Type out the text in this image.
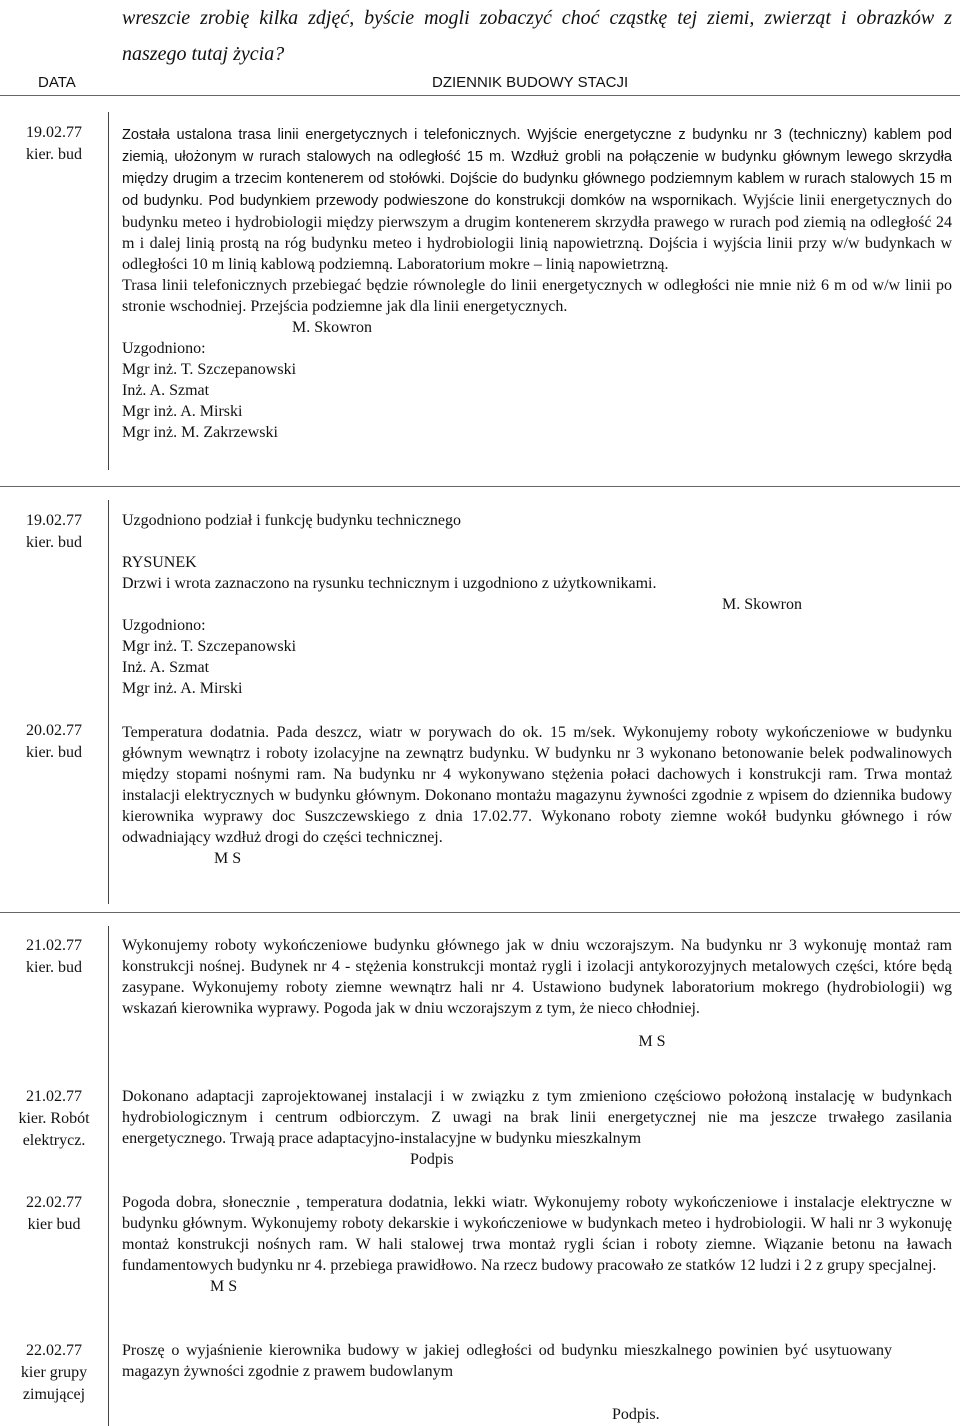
wreszcie zrobię kilka zdjęć, byście mogli zobaczyć choć cząstkę tej ziemi, zwierząt i obrazków z naszego tutaj życia?
DATA	DZIENNIK BUDOWY STACJI
19.02.77
kier. bud

Została ustalona trasa linii energetycznych i telefonicznych. Wyjście energetyczne z budynku nr 3 (techniczny) kablem pod ziemią, ułożonym w rurach stalowych na odległość 15 m. Wzdłuż grobli na połączenie w budynku głównym lewego skrzydła między drugim a trzecim kontenerem od stołówki. Dojście do budynku głównego podziemnym kablem w rurach stalowych 15 m od budynku. Pod budynkiem przewody podwieszone do konstrukcji domków na wspornikach. Wyjście linii energetycznych do budynku meteo i hydrobiologii między pierwszym a drugim kontenerem skrzydła prawego w rurach pod ziemią na odległość 24 m i dalej linią prostą na róg budynku meteo i hydrobiologii linią napowietrzną. Dojścia i wyjścia linii przy w/w budynkach w odległości 10 m linią kablową podziemną. Laboratorium mokre – linią napowietrzną.

Trasa linii telefonicznych przebiegać będzie równolegle do linii energetycznych w odległości nie mnie niż 6 m od w/w linii po stronie wschodniej. Przejścia podziemne jak dla linii energetycznych.

M. Skowron

Uzgodniono:

Mgr inż. T. Szczepanowski

Inż. A. Szmat

Mgr inż. A. Mirski

Mgr inż. M. Zakrzewski

19.02.77
kier. bud

Uzgodniono podział i funkcję budynku technicznego

RYSUNEK

Drzwi i wrota zaznaczono na rysunku technicznym i uzgodniono z użytkownikami.

M. Skowron

Uzgodniono:

Mgr inż. T. Szczepanowski

Inż. A. Szmat

Mgr inż. A. Mirski

20.02.77
kier. bud

Temperatura dodatnia. Pada deszcz, wiatr w porywach do ok. 15 m/sek. Wykonujemy roboty wykończeniowe w budynku głównym wewnątrz i roboty izolacyjne na zewnątrz budynku. W budynku nr 3 wykonano betonowanie belek podwalinowych między stopami nośnymi ram. Na budynku nr 4 wykonywano stężenia połaci dachowych i konstrukcji ram. Trwa montaż instalacji elektrycznych w budynku głównym. Dokonano montażu magazynu żywności zgodnie z wpisem do dziennika budowy kierownika wyprawy doc Suszczewskiego z dnia 17.02.77. Wykonano roboty ziemne wokół budynku głównego i rów odwadniający wzdłuż drogi do części technicznej.

M S

21.02.77
kier. bud

Wykonujemy roboty wykończeniowe budynku głównego jak w dniu wczorajszym. Na budynku nr 3 wykonuję montaż ram konstrukcji nośnej. Budynek nr 4 - stężenia konstrukcji montaż rygli i izolacji antykorozyjnych metalowych części, które będą zasypane. Wykonujemy roboty ziemne wewnątrz hali nr 4. Ustawiono budynek laboratorium mokrego (hydrobiologii) wg wskazań kierownika wyprawy. Pogoda jak w dniu wczorajszym z tym, że nieco chłodniej.

M S

21.02.77
kier. Robót elektrycz.

Dokonano adaptacji zaprojektowanej instalacji i w związku z tym zmieniono częściowo położoną instalację w budynkach hydrobiologicznym i centrum odbiorczym. Z uwagi na brak linii energetycznej nie ma jeszcze trwałego zasilania energetycznego. Trwają prace adaptacyjno-instalacyjne w budynku mieszkalnym

Podpis

22.02.77
kier bud

Pogoda dobra, słonecznie , temperatura dodatnia, lekki wiatr. Wykonujemy roboty wykończeniowe i instalacje elektryczne w budynku głównym. Wykonujemy roboty dekarskie i wykończeniowe w budynkach meteo i hydrobiologii. W hali nr 3 wykonuję montaż konstrukcji nośnych ram. W hali stalowej trwa montaż rygli ścian i roboty ziemne. Wiązanie betonu na ławach fundamentowych budynku nr 4. przebiega prawidłowo. Na rzecz budowy pracowało ze statków 12 ludzi i 2 z grupy specjalnej.

M S

22.02.77
kier grupy zimującej

Proszę o wyjaśnienie kierownika budowy w jakiej odległości od budynku mieszkalnego powinien być usytuowany magazyn żywności zgodnie z prawem budowlanym

Podpis.
